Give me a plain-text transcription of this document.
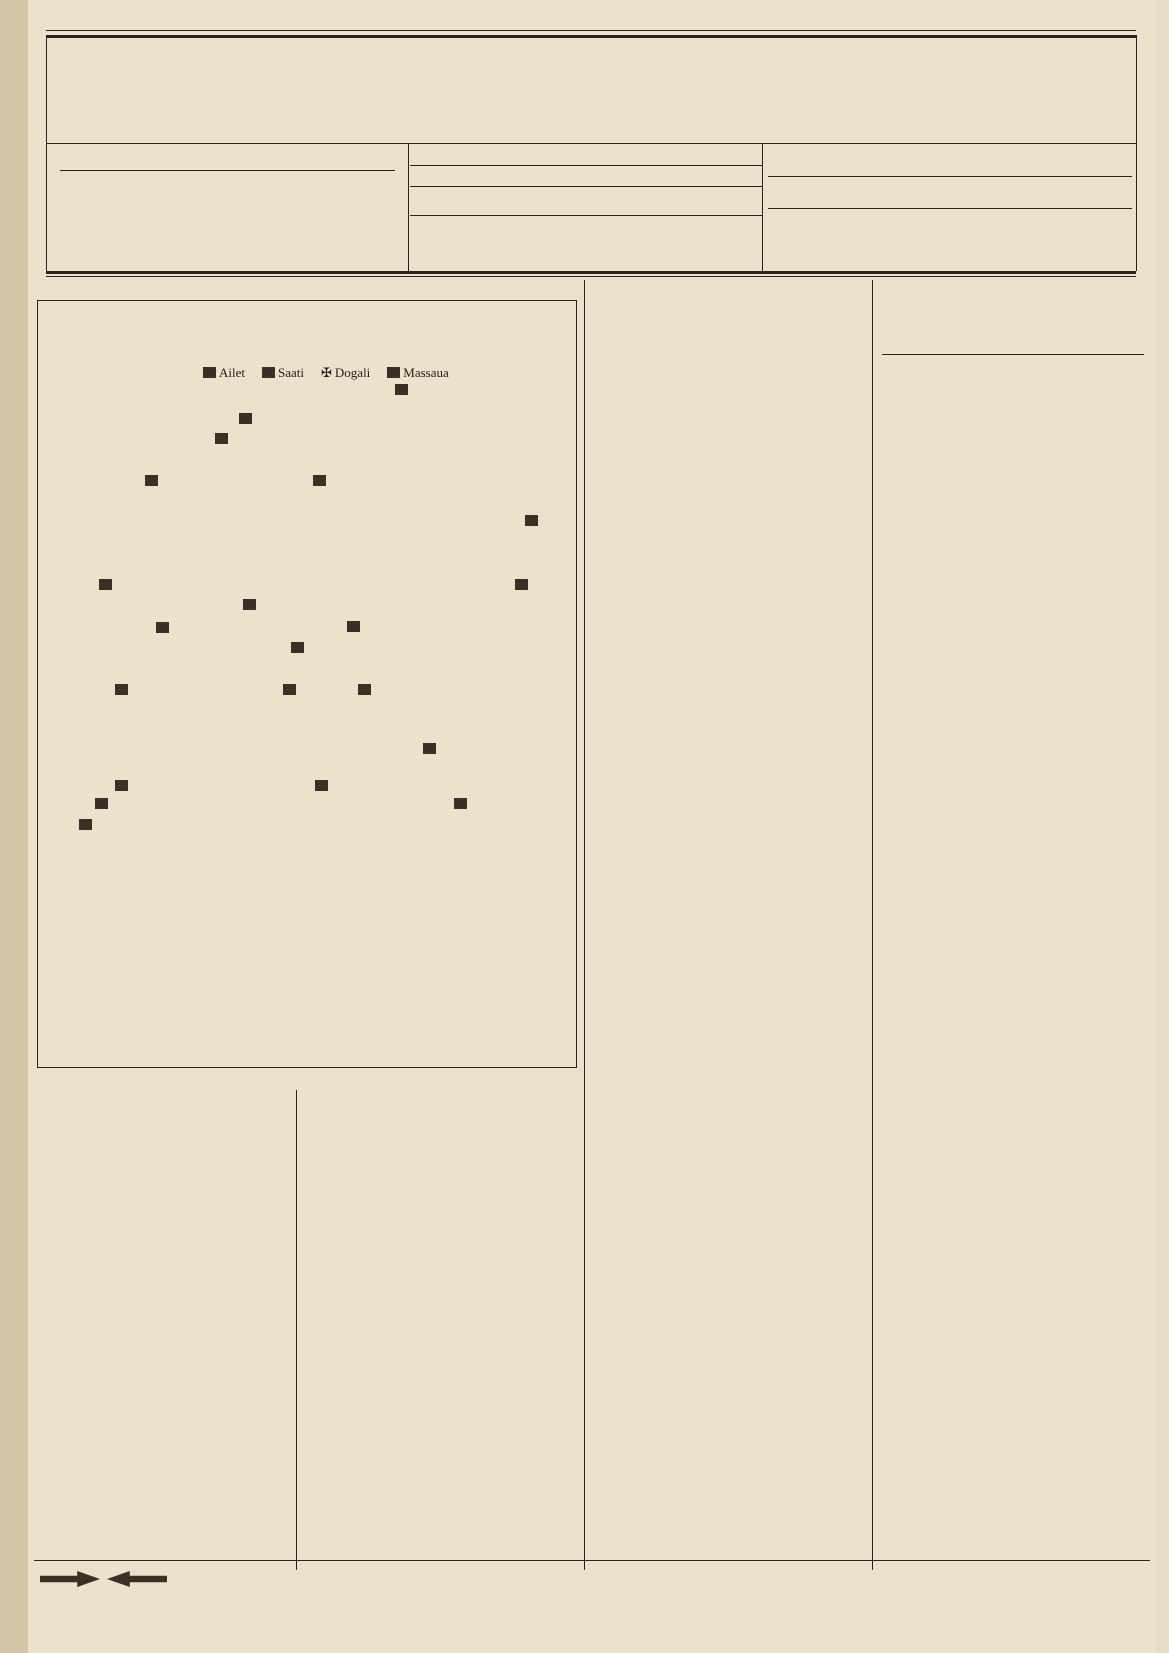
Ailet	Saati ✠ Dogali	Massaua
